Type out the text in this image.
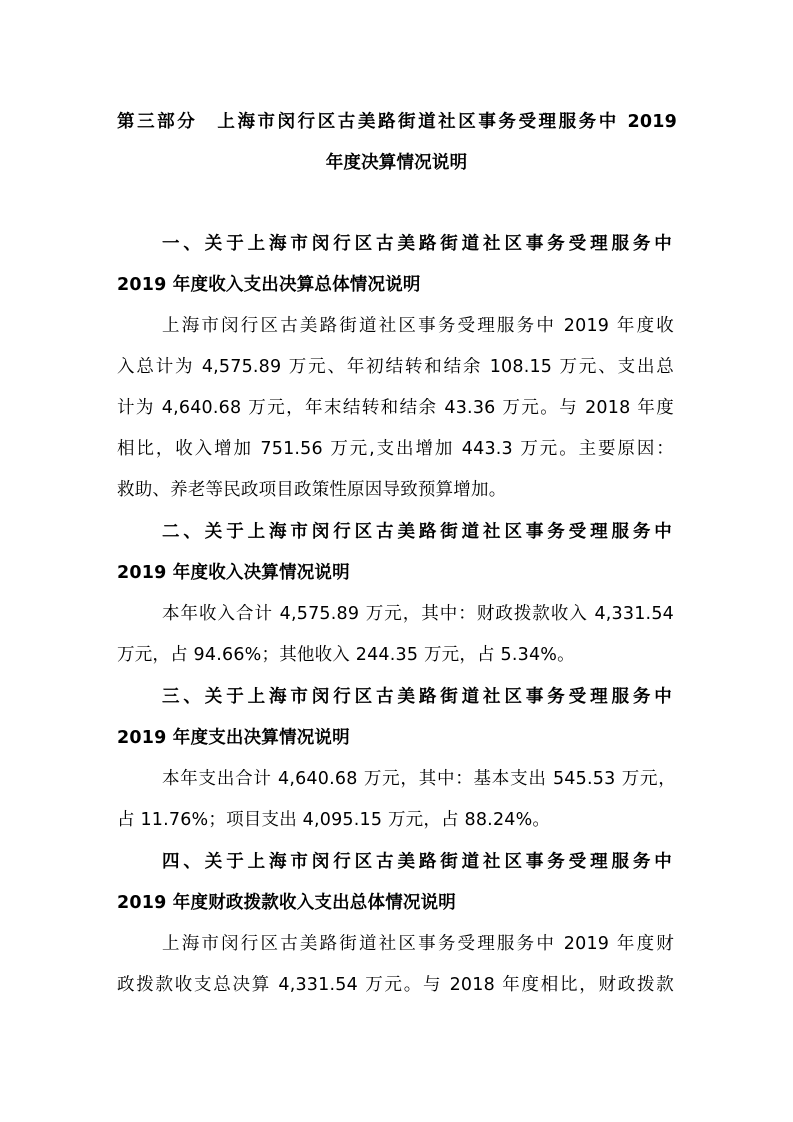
第三部分　上海市闵行区古美路街道社区事务受理服务中 2019
年度决算情况说明
一、关于上海市闵行区古美路街道社区事务受理服务中
2019 年度收入支出决算总体情况说明
上海市闵行区古美路街道社区事务受理服务中 2019 年度收
入总计为 4,575.89 万元、年初结转和结余 108.15 万元、支出总
计为 4,640.68 万元，年末结转和结余 43.36 万元。与 2018 年度
相比，收入增加 751.56 万元,支出增加 443.3 万元。主要原因：
救助、养老等民政项目政策性原因导致预算增加。
二、关于上海市闵行区古美路街道社区事务受理服务中
2019 年度收入决算情况说明
本年收入合计 4,575.89 万元，其中：财政拨款收入 4,331.54
万元，占 94.66%；其他收入 244.35 万元，占 5.34%。
三、关于上海市闵行区古美路街道社区事务受理服务中
2019 年度支出决算情况说明
本年支出合计 4,640.68 万元，其中：基本支出 545.53 万元，
占 11.76%；项目支出 4,095.15 万元，占 88.24%。
四、关于上海市闵行区古美路街道社区事务受理服务中
2019 年度财政拨款收入支出总体情况说明
上海市闵行区古美路街道社区事务受理服务中 2019 年度财
政拨款收支总决算 4,331.54 万元。与 2018 年度相比，财政拨款
